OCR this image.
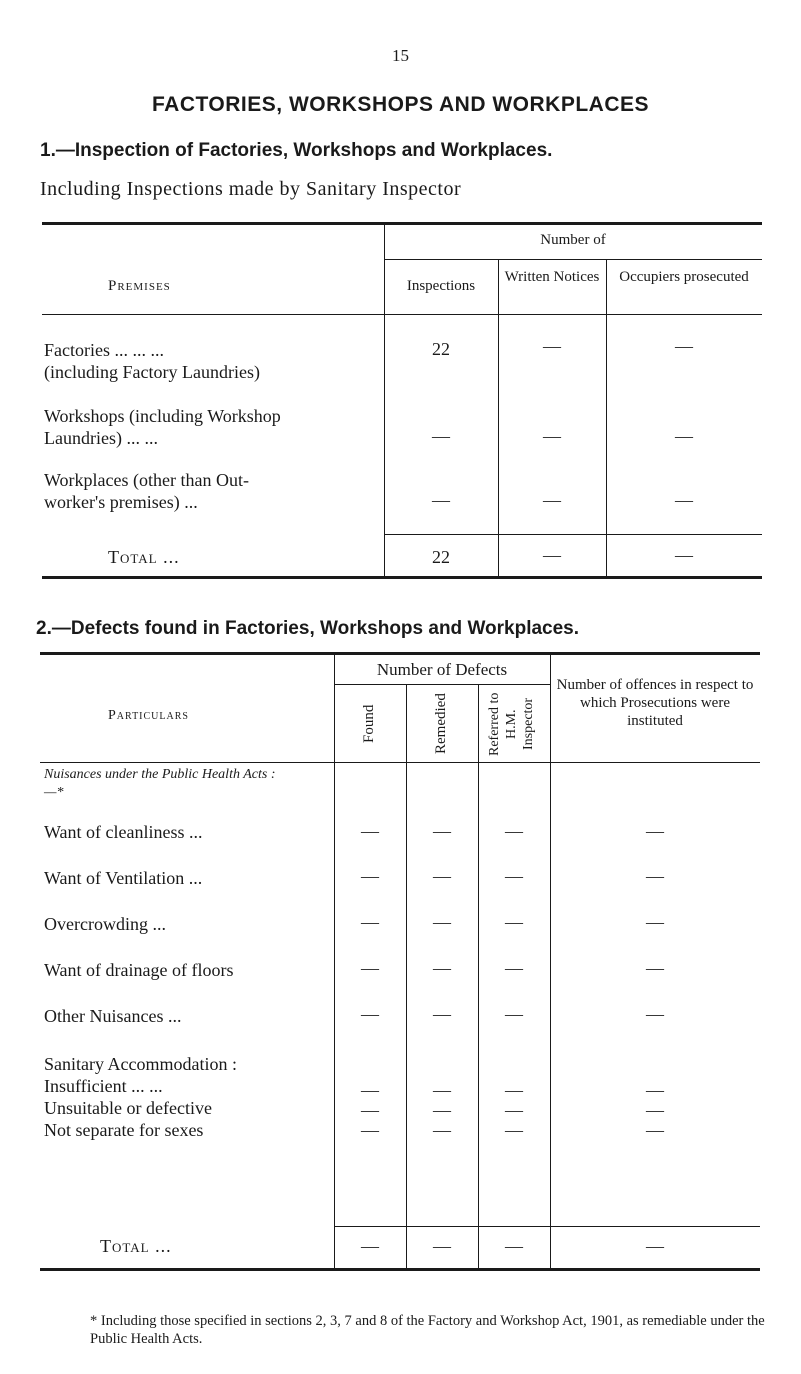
15
FACTORIES, WORKSHOPS AND WORKPLACES
1.—Inspection of Factories, Workshops and Workplaces.
Including Inspections made by Sanitary Inspector
Premises
Number of
Inspections
Written Notices	Occupiers prosecuted
Factories ... ... ...
(including Factory Laundries)
22	—	—
Workshops (including Workshop
Laundries) ... ...	—	—	—
Workplaces (other than Out-
worker's premises) ...	—	—	—
Total ...	22	—	—
2.—Defects found in Factories, Workshops and Workplaces.
Particulars
Number of Defects
Found	Remedied	Referred to H.M. Inspector
Number of offences in respect to which Prosecutions were instituted
Nuisances under the Public Health Acts :—*
Want of cleanliness ...	—	—	—	—
Want of Ventilation ...	—	—	—	—
Overcrowding ...	—	—	—	—
Want of drainage of floors	—	—	—	—
Other Nuisances ...	—	—	—	—
Sanitary Accommodation :
Insufficient ... ...	—	—	—	—
Unsuitable or defective	—	—	—	—
Not separate for sexes	—	—	—	—
Total ...	—	—	—	—
* Including those specified in sections 2, 3, 7 and 8 of the Factory and Workshop Act, 1901, as remediable under the Public Health Acts.
